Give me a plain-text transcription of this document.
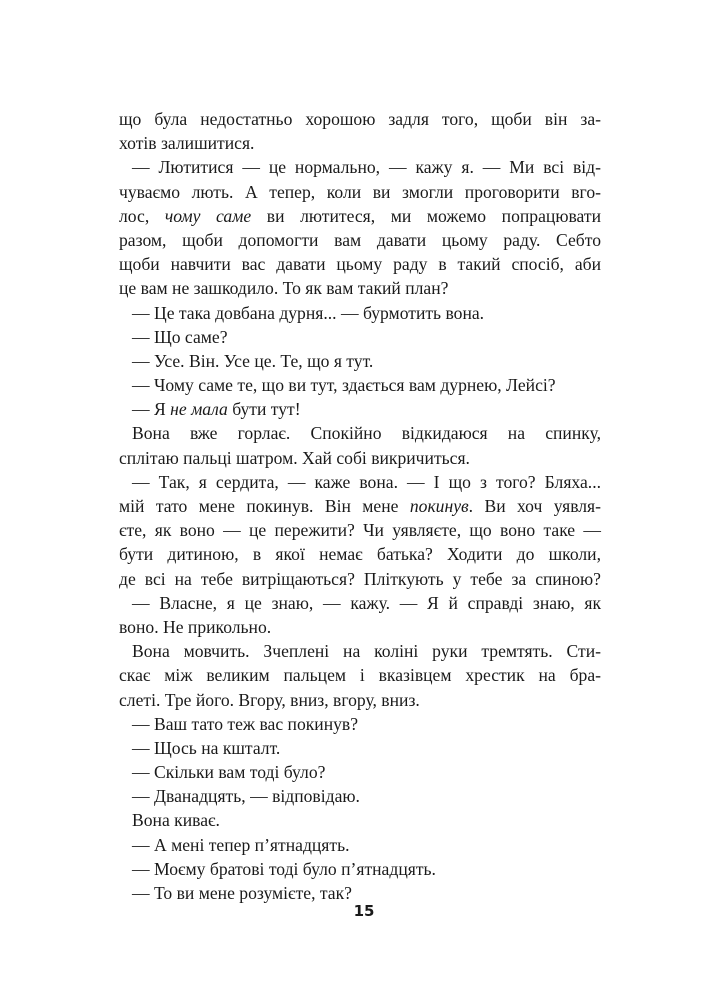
що була недостатньо хорошою задля того, щоби він за-
хотів залишитися.
— Лютитися — це нормально, — кажу я. — Ми всі від-
чуваємо лють. А тепер, коли ви змогли проговорити вго-
лос, чому саме ви лютитеся, ми можемо попрацювати
разом, щоби допомогти вам давати цьому раду. Себто
щоби навчити вас давати цьому раду в такий спосіб, аби
це вам не зашкодило. То як вам такий план?
— Це така довбана дурня... — бурмотить вона.
— Що саме?
— Усе. Він. Усе це. Те, що я тут.
— Чому саме те, що ви тут, здається вам дурнею, Лейсі?
— Я не мала бути тут!
Вона вже горлає. Спокійно відкидаюся на спинку,
сплітаю пальці шатром. Хай собі викричиться.
— Так, я сердита, — каже вона. — І що з того? Бляха...
мій тато мене покинув. Він мене покинув. Ви хоч уявля-
єте, як воно — це пережити? Чи уявляєте, що воно таке —
бути дитиною, в якої немає батька? Ходити до школи,
де всі на тебе витріщаються? Пліткують у тебе за спиною?
— Власне, я це знаю, — кажу. — Я й справді знаю, як
воно. Не прикольно.
Вона мовчить. Зчеплені на коліні руки тремтять. Сти-
скає між великим пальцем і вказівцем хрестик на бра-
слеті. Тре його. Вгору, вниз, вгору, вниз.
— Ваш тато теж вас покинув?
— Щось на кшталт.
— Скільки вам тоді було?
— Дванадцять, — відповідаю.
Вона киває.
— А мені тепер п’ятнадцять.
— Моєму братові тоді було п’ятнадцять.
— То ви мене розумієте, так?
15
